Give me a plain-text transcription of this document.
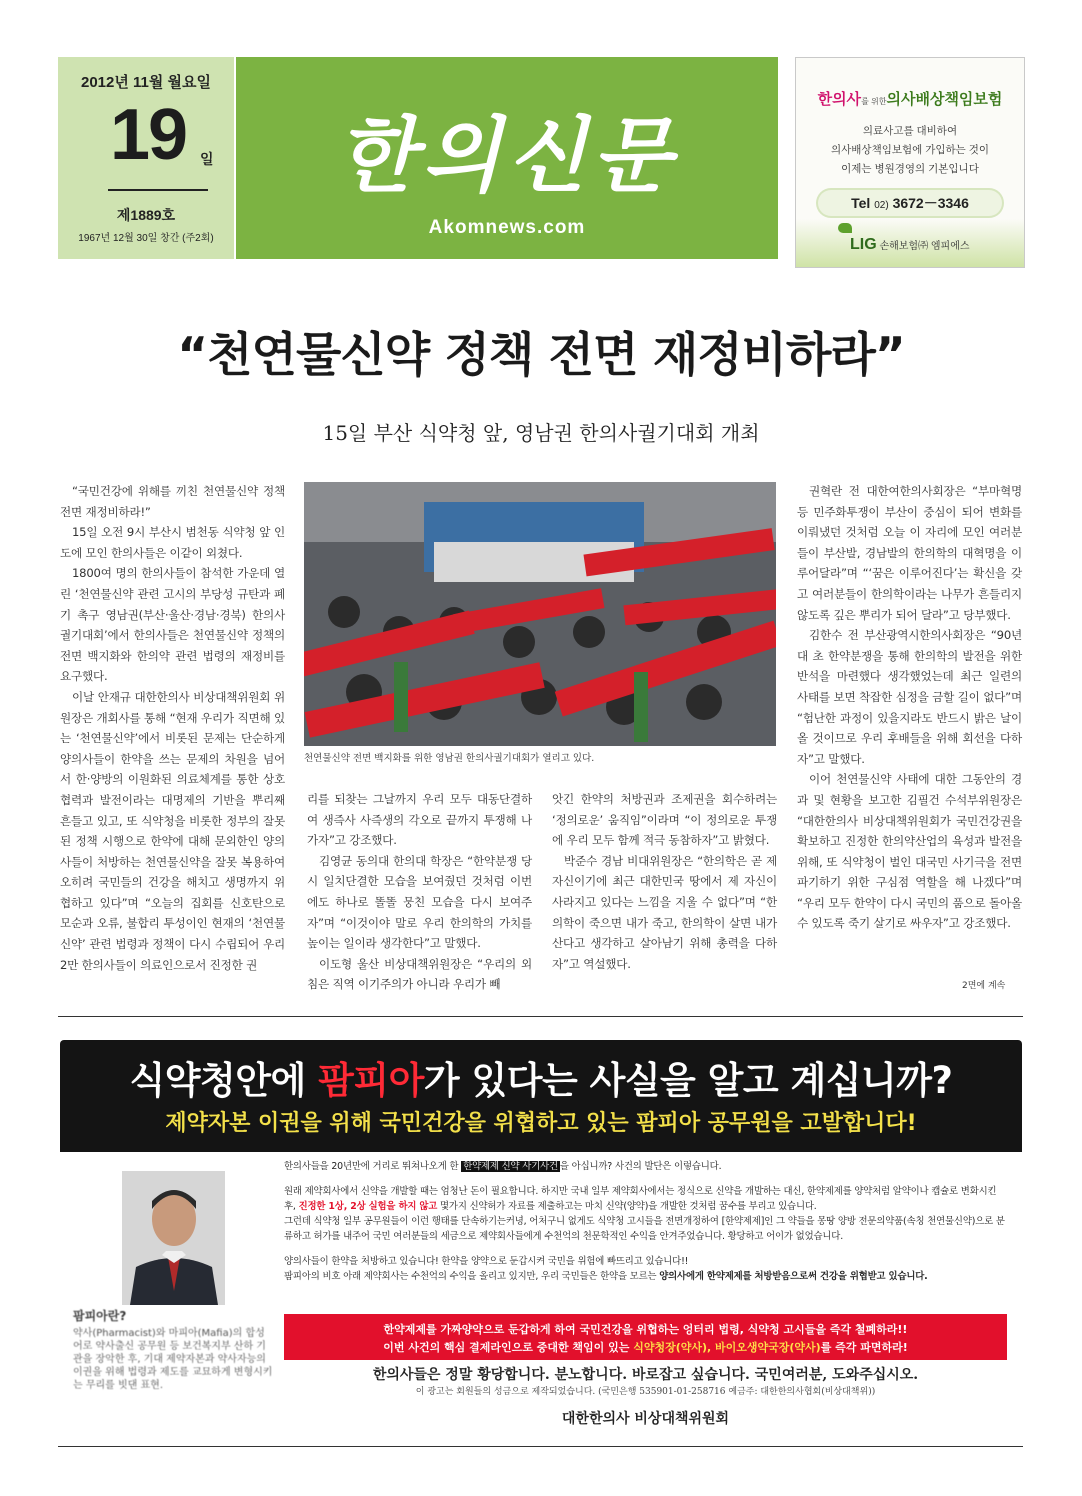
2012년 11월 월요일
19 일
제1889호
1967년 12월 30일 창간 (주2회)
한의신문
Akomnews.com
한의사를 위한의사배상책임보험
의료사고를 대비하여
의사배상책임보험에 가입하는 것이
이제는 병원경영의 기본입니다
Tel 02) 3672－3346
LIG 손해보험㈜ 엠피에스
“천연물신약 정책 전면 재정비하라”
15일 부산 식약청 앞, 영남권 한의사궐기대회 개최

“국민건강에 위해를 끼친 천연물신약 정책 전면 재정비하라!”

15일 오전 9시 부산시 범천동 식약청 앞 인도에 모인 한의사들은 이같이 외쳤다.

1800여 명의 한의사들이 참석한 가운데 열린 ‘천연물신약 관련 고시의 부당성 규탄과 폐기 촉구 영남권(부산·울산·경남·경북) 한의사궐기대회’에서 한의사들은 천연물신약 정책의 전면 백지화와 한의약 관련 법령의 재정비를 요구했다.

이날 안재규 대한한의사 비상대책위원회 위원장은 개회사를 통해 “현재 우리가 직면해 있는 ‘천연물신약’에서 비롯된 문제는 단순하게 양의사들이 한약을 쓰는 문제의 차원을 넘어서 한·양방의 이원화된 의료체계를 통한 상호 협력과 발전이라는 대명제의 기반을 뿌리째 흔들고 있고, 또 식약청을 비롯한 정부의 잘못된 정책 시행으로 한약에 대해 문외한인 양의사들이 처방하는 천연물신약을 잘못 복용하여 오히려 국민들의 건강을 해치고 생명까지 위협하고 있다”며 “오늘의 집회를 신호탄으로 모순과 오류, 불합리 투성이인 현재의 ‘천연물신약’ 관련 법령과 정책이 다시 수립되어 우리 2만 한의사들이 의료인으로서 진정한 권

천연물신약 전면 백지화를 위한 영남권 한의사궐기대회가 열리고 있다.

리를 되찾는 그날까지 우리 모두 대동단결하여 생즉사 사즉생의 각오로 끝까지 투쟁해 나가자”고 강조했다.

김영균 동의대 한의대 학장은 “한약분쟁 당시 일치단결한 모습을 보여줬던 것처럼 이번에도 하나로 똘똘 뭉친 모습을 다시 보여주자”며 “이것이야 말로 우리 한의학의 가치를 높이는 일이라 생각한다”고 말했다.

이도형 울산 비상대책위원장은 “우리의 외침은 직역 이기주의가 아니라 우리가 빼

앗긴 한약의 처방권과 조제권을 회수하려는 ‘정의로운’ 움직임”이라며 “이 정의로운 투쟁에 우리 모두 함께 적극 동참하자”고 밝혔다.

박준수 경남 비대위원장은 “한의학은 곧 제 자신이기에 최근 대한민국 땅에서 제 자신이 사라지고 있다는 느낌을 지울 수 없다”며 “한의학이 죽으면 내가 죽고, 한의학이 살면 내가 산다고 생각하고 살아남기 위해 총력을 다하자”고 역설했다.

권혁란 전 대한여한의사회장은 “부마혁명 등 민주화투쟁이 부산이 중심이 되어 변화를 이뤄냈던 것처럼 오늘 이 자리에 모인 여러분들이 부산발, 경남발의 한의학의 대혁명을 이루어달라”며 “‘꿈은 이루어진다’는 확신을 갖고 여러분들이 한의학이라는 나무가 흔들리지 않도록 깊은 뿌리가 되어 달라”고 당부했다.

김한수 전 부산광역시한의사회장은 “90년대 초 한약분쟁을 통해 한의학의 발전을 위한 반석을 마련했다 생각했었는데 최근 일련의 사태를 보면 착잡한 심정을 금할 길이 없다”며 “험난한 과정이 있을지라도 반드시 밝은 날이 올 것이므로 우리 후배들을 위해 회선을 다하자”고 말했다.

이어 천연물신약 사태에 대한 그동안의 경과 및 현황을 보고한 김필건 수석부위원장은 “대한한의사 비상대책위원회가 국민건강권을 확보하고 진정한 한의약산업의 육성과 발전을 위해, 또 식약청이 벌인 대국민 사기극을 전면 파기하기 위한 구심점 역할을 해 나겠다”며 “우리 모두 한약이 다시 국민의 품으로 돌아올 수 있도록 죽기 살기로 싸우자”고 강조했다.

2면에 계속
식약청안에 팜피아가 있다는 사실을 알고 계십니까?
제약자본 이권을 위해 국민건강을 위협하고 있는 팜피아 공무원을 고발합니다!
팜피아란?
약사(Pharmacist)와 마피아(Mafia)의 합성어로 약사출신 공무원 등 보건복지부 산하 기관을 장악한 후, 기대 제약자본과 약사자능의 이권을 위해 법령과 제도를 교묘하게 변형시키는 무리를 빗댄 표현.
한의사들을 20년만에 거리로 뛰쳐나오게 한 한약제제 신약 사기사건 을 아십니까? 사건의 발단은 이렇습니다.
원래 제약회사에서 신약을 개발할 때는 엄청난 돈이 필요합니다. 하지만 국내 일부 제약회사에서는 정식으로 신약을 개발하는 대신, 한약제제를 양약처럼 알약이나 캡슐로 변화시킨 후, 진정한 1상, 2상 실험을 하지 않고 몇가지 신약허가 자료를 제출하고는 마치 신약(양약)을 개발한 것처럼 꿈수를 부리고 있습니다.
그런데 식약청 일부 공무원들이 이런 행태를 단속하기는커녕, 어처구니 없게도 식약청 고시들을 전면개정하여 [한약제제]인 그 약들을 몽땅 양방 전문의약품(속칭 천연물신약)으로 분류하고 허가를 내주어 국민 여러분들의 세금으로 제약회사들에게 수천억의 천문학적인 수익을 안겨주었습니다. 황당하고 어이가 없었습니다.
양의사들이 한약을 처방하고 있습니다! 한약을 양약으로 둔갑시켜 국민을 위험에 빠뜨리고 있습니다!!
팜피아의 비호 아래 제약회사는 수천억의 수익을 올리고 있지만, 우리 국민들은 한약을 모르는 양의사에게 한약제제를 처방받음으로써 건강을 위협받고 있습니다.
한약제제를 가짜양약으로 둔갑하게 하여 국민건강을 위협하는 엉터리 법령, 식약청 고시들을 즉각 철폐하라!!
이번 사건의 핵심 결제라인으로 중대한 책임이 있는 식약청장(약사), 바이오생약국장(약사)를 즉각 파면하라!
한의사들은 정말 황당합니다. 분노합니다. 바로잡고 싶습니다. 국민여러분, 도와주십시오.
이 광고는 회원들의 성금으로 제작되었습니다. (국민은행 535901-01-258716 예금주: 대한한의사협회(비상대책위))
대한한의사 비상대책위원회
